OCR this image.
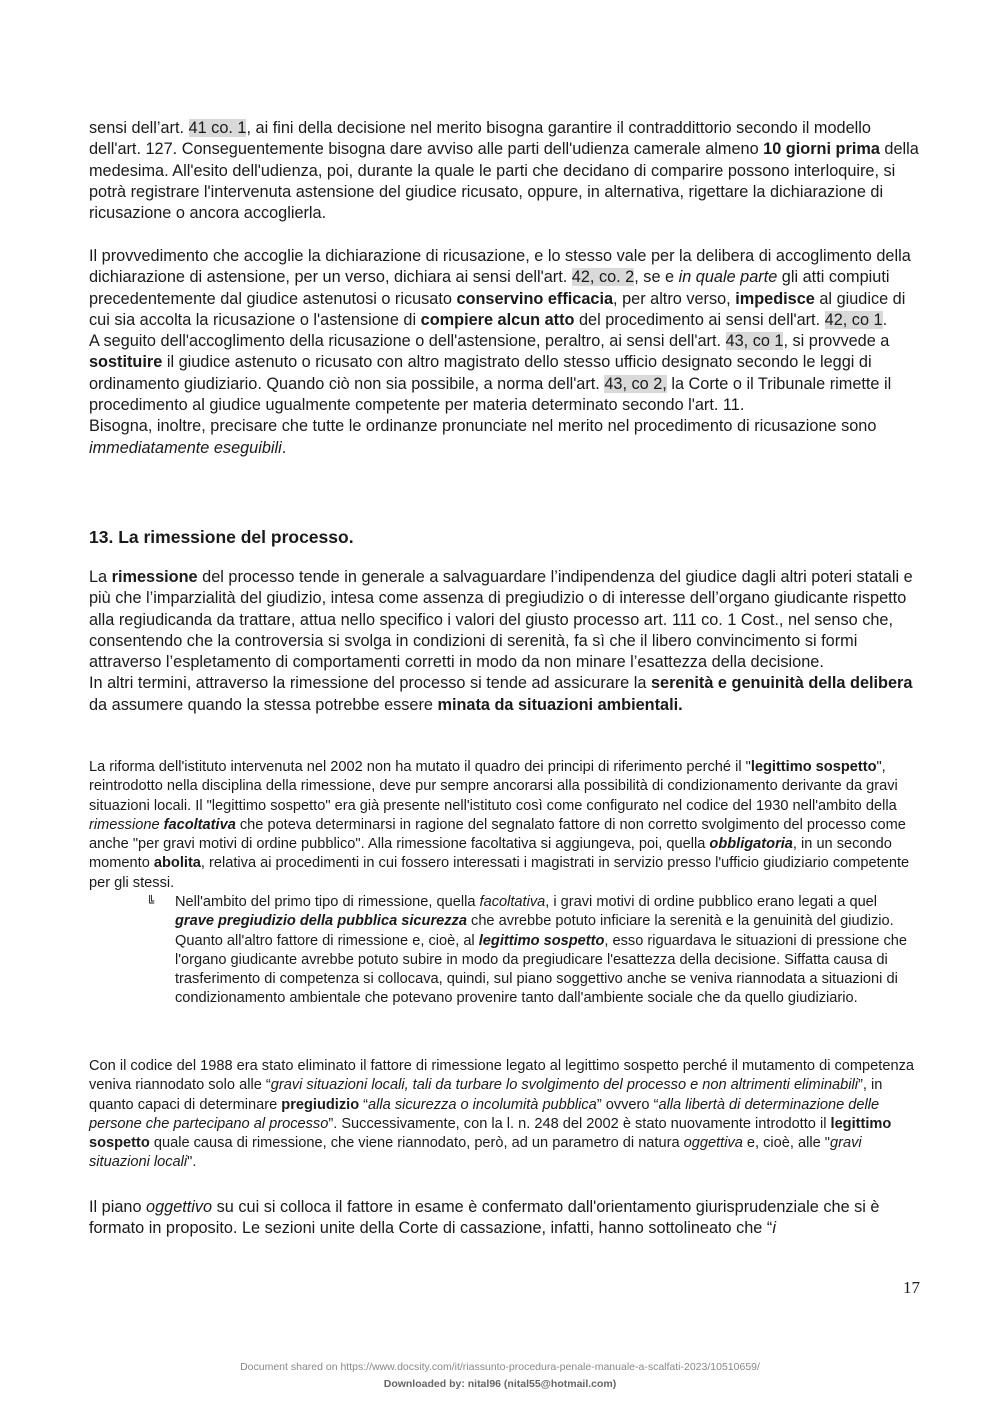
sensi dell’art. 41 co. 1, ai fini della decisione nel merito bisogna garantire il contraddittorio secondo il modello dell'art. 127. Conseguentemente bisogna dare avviso alle parti dell'udienza camerale almeno 10 giorni prima della medesima. All'esito dell'udienza, poi, durante la quale le parti che decidano di comparire possono interloquire, si potrà registrare l'intervenuta astensione del giudice ricusato, oppure, in alternativa, rigettare la dichiarazione di ricusazione o ancora accoglierla.

Il provvedimento che accoglie la dichiarazione di ricusazione, e lo stesso vale per la delibera di accoglimento della dichiarazione di astensione, per un verso, dichiara ai sensi dell'art. 42, co. 2, se e in quale parte gli atti compiuti precedentemente dal giudice astenutosi o ricusato conservino efficacia, per altro verso, impedisce al giudice di cui sia accolta la ricusazione o l'astensione di compiere alcun atto del procedimento ai sensi dell'art. 42, co 1.
A seguito dell'accoglimento della ricusazione o dell'astensione, peraltro, ai sensi dell'art. 43, co 1, si provvede a sostituire il giudice astenuto o ricusato con altro magistrato dello stesso ufficio designato secondo le leggi di ordinamento giudiziario. Quando ciò non sia possibile, a norma dell'art. 43, co 2, la Corte o il Tribunale rimette il procedimento al giudice ugualmente competente per materia determinato secondo l'art. 11.
Bisogna, inoltre, precisare che tutte le ordinanze pronunciate nel merito nel procedimento di ricusazione sono immediatamente eseguibili.

13. La rimessione del processo.

La rimessione del processo tende in generale a salvaguardare l’indipendenza del giudice dagli altri poteri statali e più che l’imparzialità del giudizio, intesa come assenza di pregiudizio o di interesse dell’organo giudicante rispetto alla regiudicanda da trattare, attua nello specifico i valori del giusto processo art. 111 co. 1 Cost., nel senso che, consentendo che la controversia si svolga in condizioni di serenità, fa sì che il libero convincimento si formi attraverso l’espletamento di comportamenti corretti in modo da non minare l’esattezza della decisione.
In altri termini, attraverso la rimessione del processo si tende ad assicurare la serenità e genuinità della delibera da assumere quando la stessa potrebbe essere minata da situazioni ambientali.

La riforma dell'istituto intervenuta nel 2002 non ha mutato il quadro dei principi di riferimento perché il "legittimo sospetto", reintrodotto nella disciplina della rimessione, deve pur sempre ancorarsi alla possibilità di condizionamento derivante da gravi situazioni locali. Il "legittimo sospetto" era già presente nell'istituto così come configurato nel codice del 1930 nell'ambito della rimessione facoltativa che poteva determinarsi in ragione del segnalato fattore di non corretto svolgimento del processo come anche "per gravi motivi di ordine pubblico". Alla rimessione facoltativa si aggiungeva, poi, quella obbligatoria, in un secondo momento abolita, relativa ai procedimenti in cui fossero interessati i magistrati in servizio presso l'ufficio giudiziario competente per gli stessi.

╚ Nell'ambito del primo tipo di rimessione, quella facoltativa, i gravi motivi di ordine pubblico erano legati a quel grave pregiudizio della pubblica sicurezza che avrebbe potuto inficiare la serenità e la genuinità del giudizio. Quanto all'altro fattore di rimessione e, cioè, al legittimo sospetto, esso riguardava le situazioni di pressione che l'organo giudicante avrebbe potuto subire in modo da pregiudicare l'esattezza della decisione. Siffatta causa di trasferimento di competenza si collocava, quindi, sul piano soggettivo anche se veniva riannodata a situazioni di condizionamento ambientale che potevano provenire tanto dall'ambiente sociale che da quello giudiziario.

Con il codice del 1988 era stato eliminato il fattore di rimessione legato al legittimo sospetto perché il mutamento di competenza veniva riannodato solo alle “gravi situazioni locali, tali da turbare lo svolgimento del processo e non altrimenti eliminabili”, in quanto capaci di determinare pregiudizio “alla sicurezza o incolumità pubblica” ovvero “alla libertà di determinazione delle persone che partecipano al processo”. Successivamente, con la l. n. 248 del 2002 è stato nuovamente introdotto il legittimo sospetto quale causa di rimessione, che viene riannodato, però, ad un parametro di natura oggettiva e, cioè, alle "gravi situazioni locali".

Il piano oggettivo su cui si colloca il fattore in esame è confermato dall'orientamento giurisprudenziale che si è formato in proposito. Le sezioni unite della Corte di cassazione, infatti, hanno sottolineato che “i

17
Document shared on https://www.docsity.com/it/riassunto-procedura-penale-manuale-a-scalfati-2023/10510659/
Downloaded by: nital96 (nital55@hotmail.com)
